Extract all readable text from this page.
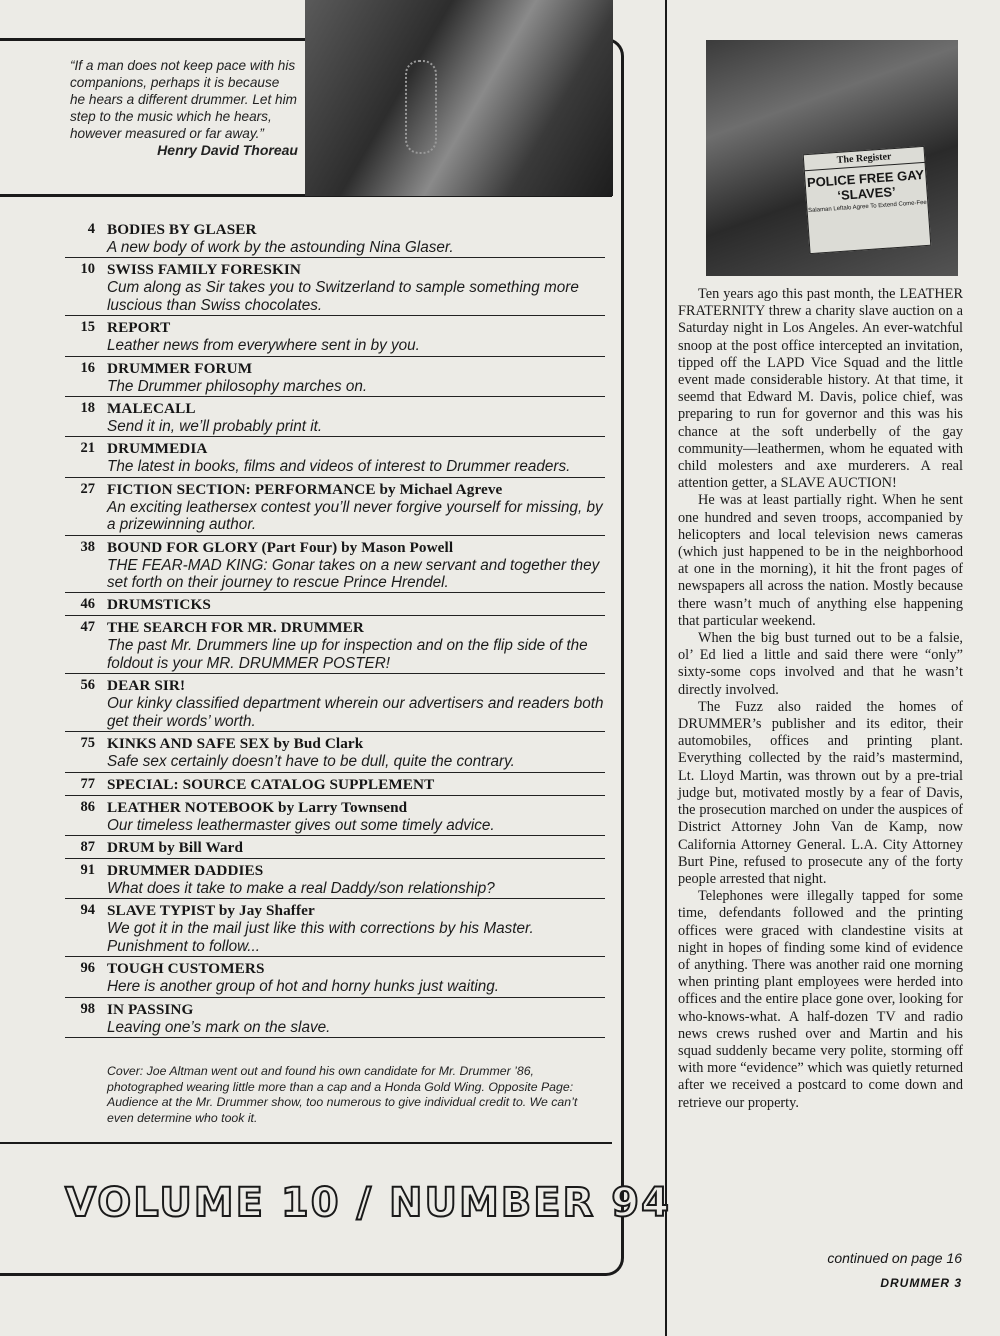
“If a man does not keep pace with his companions, perhaps it is because he hears a different drummer. Let him step to the music which he hears, however measured or far away.”
Henry David Thoreau
4 BODIES BY GLASER
A new body of work by the astounding Nina Glaser.
10 SWISS FAMILY FORESKIN
Cum along as Sir takes you to Switzerland to sample something more luscious than Swiss chocolates.
15 REPORT
Leather news from everywhere sent in by you.
16 DRUMMER FORUM
The Drummer philosophy marches on.
18 MALECALL
Send it in, we’ll probably print it.
21 DRUMMEDIA
The latest in books, films and videos of interest to Drummer readers.
27 FICTION SECTION: PERFORMANCE by Michael Agreve
An exciting leathersex contest you’ll never forgive yourself for missing, by a prizewinning author.
38 BOUND FOR GLORY (Part Four) by Mason Powell
THE FEAR-MAD KING: Gonar takes on a new servant and together they set forth on their journey to rescue Prince Hrendel.
46 DRUMSTICKS
47 THE SEARCH FOR MR. DRUMMER
The past Mr. Drummers line up for inspection and on the flip side of the foldout is your MR. DRUMMER POSTER!
56 DEAR SIR!
Our kinky classified department wherein our advertisers and readers both get their words’ worth.
75 KINKS AND SAFE SEX by Bud Clark
Safe sex certainly doesn’t have to be dull, quite the contrary.
77 SPECIAL: SOURCE CATALOG SUPPLEMENT
86 LEATHER NOTEBOOK by Larry Townsend
Our timeless leathermaster gives out some timely advice.
87 DRUM by Bill Ward
91 DRUMMER DADDIES
What does it take to make a real Daddy/son relationship?
94 SLAVE TYPIST by Jay Shaffer
We got it in the mail just like this with corrections by his Master. Punishment to follow...
96 TOUGH CUSTOMERS
Here is another group of hot and horny hunks just waiting.
98 IN PASSING
Leaving one’s mark on the slave.
Cover: Joe Altman went out and found his own candidate for Mr. Drummer ’86, photographed wearing little more than a cap and a Honda Gold Wing. Opposite Page: Audience at the Mr. Drummer show, too numerous to give individual credit to. We can’t even determine who took it.
VOLUME 10 / NUMBER 94
The Register
POLICE FREE GAY ‘SLAVES’
Salaman Leftalo Agree To Extend Come-Fee

Ten years ago this past month, the LEATHER FRATERNITY threw a charity slave auction on a Saturday night in Los Angeles. An ever-watchful snoop at the post office intercepted an invitation, tipped off the LAPD Vice Squad and the little event made considerable history. At that time, it seemd that Edward M. Davis, police chief, was preparing to run for governor and this was his chance at the soft underbelly of the gay community—leathermen, whom he equated with child molesters and axe murderers. A real attention getter, a SLAVE AUCTION!

He was at least partially right. When he sent one hundred and seven troops, accompanied by helicopters and local television news cameras (which just happened to be in the neighborhood at one in the morning), it hit the front pages of newspapers all across the nation. Mostly because there wasn’t much of anything else happening that particular weekend.

When the big bust turned out to be a falsie, ol’ Ed lied a little and said there were “only” sixty-some cops involved and that he wasn’t directly involved.

The Fuzz also raided the homes of DRUMMER’s publisher and its editor, their automobiles, offices and printing plant. Everything collected by the raid’s mastermind, Lt. Lloyd Martin, was thrown out by a pre-trial judge but, motivated mostly by a fear of Davis, the prosecution marched on under the auspices of District Attorney John Van de Kamp, now California Attorney General. L.A. City Attorney Burt Pine, refused to prosecute any of the forty people arrested that night.

Telephones were illegally tapped for some time, defendants followed and the printing offices were graced with clandestine visits at night in hopes of finding some kind of evidence of anything. There was another raid one morning when printing plant employees were herded into offices and the entire place gone over, looking for who-knows-what. A half-dozen TV and radio news crews rushed over and Martin and his squad suddenly became very polite, storming off with more “evidence” which was quietly returned after we received a postcard to come down and retrieve our property.

continued on page 16
DRUMMER 3
